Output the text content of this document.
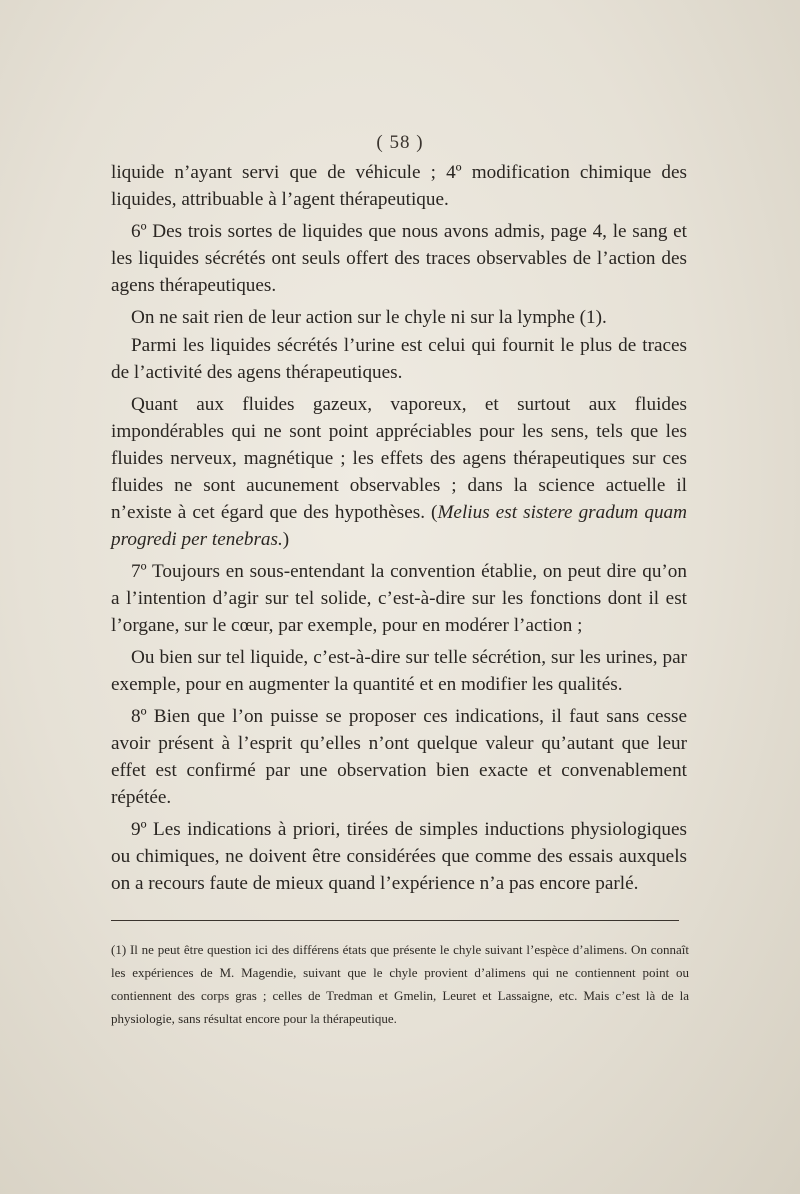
( 58 )

liquide n’ayant servi que de véhicule ; 4º modification chimique des liquides, attribuable à l’agent thérapeutique.

6º Des trois sortes de liquides que nous avons admis, page 4, le sang et les liquides sécrétés ont seuls offert des traces observables de l’action des agens thérapeutiques.

On ne sait rien de leur action sur le chyle ni sur la lymphe (1).

Parmi les liquides sécrétés l’urine est celui qui fournit le plus de traces de l’activité des agens thérapeutiques.

Quant aux fluides gazeux, vaporeux, et surtout aux fluides impondérables qui ne sont point appréciables pour les sens, tels que les fluides nerveux, magnétique ; les effets des agens thérapeutiques sur ces fluides ne sont aucunement observables ; dans la science actuelle il n’existe à cet égard que des hypothèses. (Melius est sistere gradum quam progredi per tenebras.)

7º Toujours en sous-entendant la convention établie, on peut dire qu’on a l’intention d’agir sur tel solide, c’est-à-dire sur les fonctions dont il est l’organe, sur le cœur, par exemple, pour en modérer l’action ;

Ou bien sur tel liquide, c’est-à-dire sur telle sécrétion, sur les urines, par exemple, pour en augmenter la quantité et en modifier les qualités.

8º Bien que l’on puisse se proposer ces indications, il faut sans cesse avoir présent à l’esprit qu’elles n’ont quelque valeur qu’autant que leur effet est confirmé par une observation bien exacte et convenablement répétée.

9º Les indications à priori, tirées de simples inductions physiologiques ou chimiques, ne doivent être considérées que comme des essais auxquels on a recours faute de mieux quand l’expérience n’a pas encore parlé.

(1) Il ne peut être question ici des différens états que présente le chyle suivant l’espèce d’alimens. On connaît les expériences de M. Magendie, suivant que le chyle provient d’alimens qui ne contiennent point ou contiennent des corps gras ; celles de Tredman et Gmelin, Leuret et Lassaigne, etc. Mais c’est là de la physiologie, sans résultat encore pour la thérapeutique.
